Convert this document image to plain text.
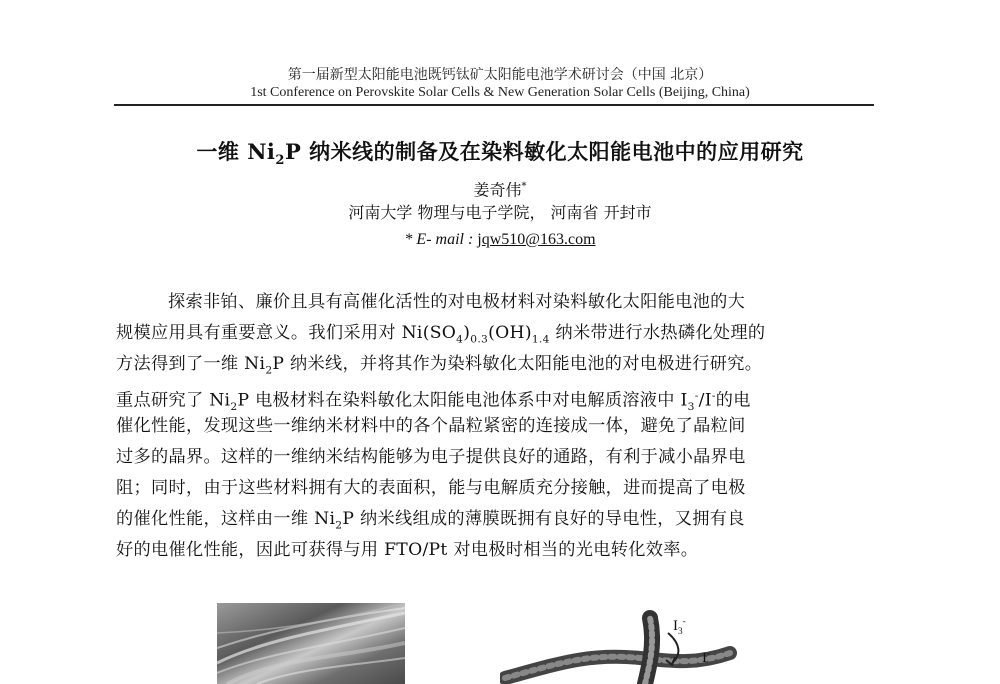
第一届新型太阳能电池既钙钛矿太阳能电池学术研讨会（中国 北京）
1st Conference on Perovskite Solar Cells & New Generation Solar Cells (Beijing, China)
一维 $Ni_2P$ 纳米线的制备及在染料敏化太阳能电池中的应用研究
姜奇伟*
河南大学 物理与电子学院， 河南省 开封市
* E- mail : jqw510@163.com
探索非铂、廉价且具有高催化活性的对电极材料对染料敏化太阳能电池的大
规模应用具有重要意义。我们采用对 $Ni(SO_4)_{0.3}(OH)_{1.4}$ 纳米带进行水热磷化处理的
方法得到了一维 $Ni_2P$ 纳米线，并将其作为染料敏化太阳能电池的对电极进行研究。
重点研究了 $Ni_2P$ 电极材料在染料敏化太阳能电池体系中对电解质溶液中 $I_3^-/I^-$的电
催化性能，发现这些一维纳米材料中的各个晶粒紧密的连接成一体，避免了晶粒间
过多的晶界。这样的一维纳米结构能够为电子提供良好的通路，有利于减小晶界电
阻；同时，由于这些材料拥有大的表面积，能与电解质充分接触，进而提高了电极
的催化性能，这样由一维 $Ni_2P$ 纳米线组成的薄膜既拥有良好的导电性，又拥有良
好的电催化性能，因此可获得与用 FTO/Pt 对电极时相当的光电转化效率。
$I_3^-$
I-
